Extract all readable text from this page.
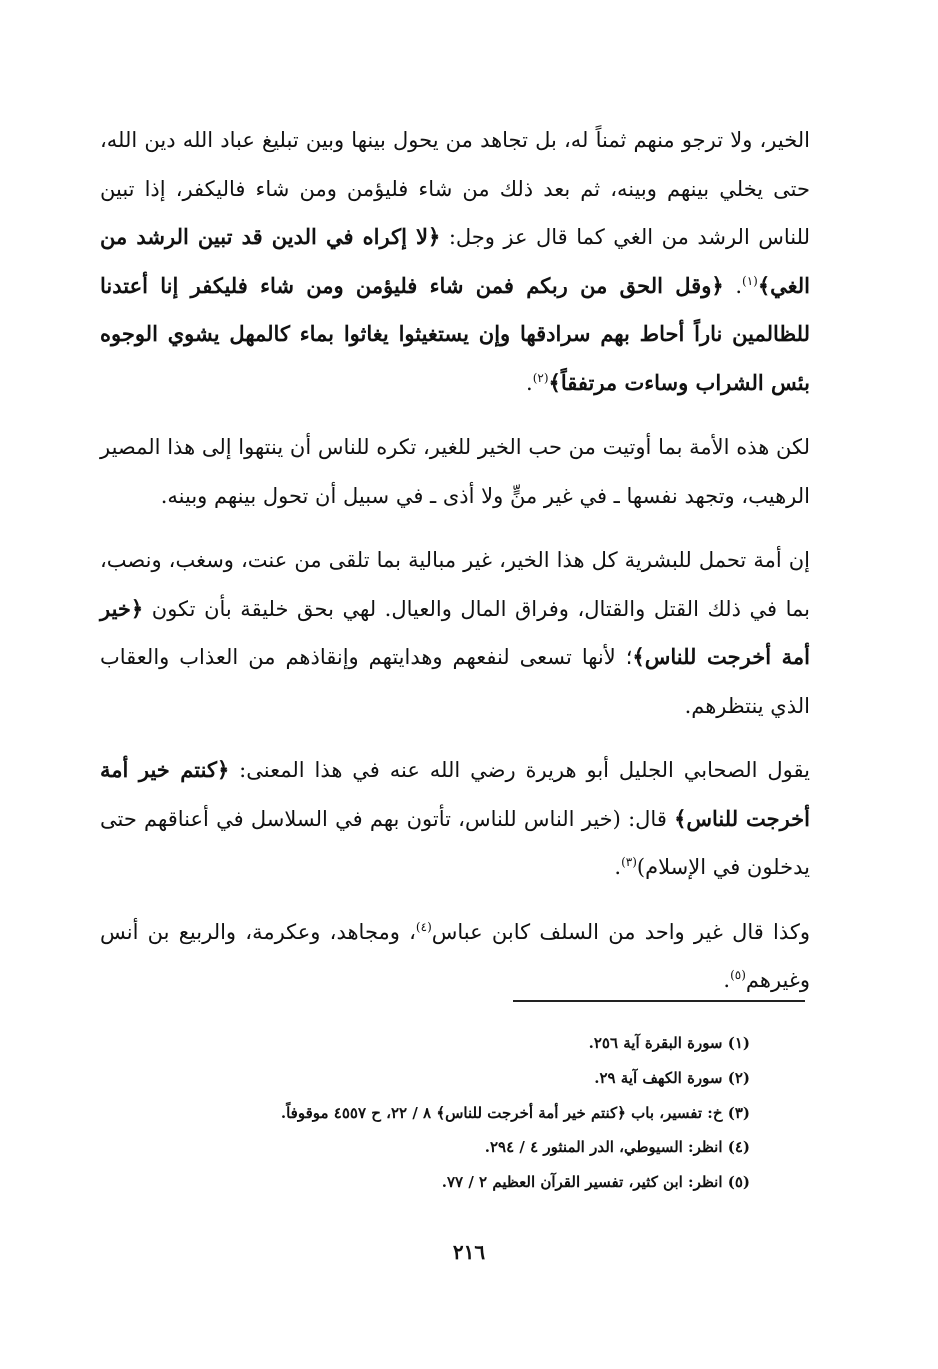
الخير، ولا ترجو منهم ثمناً له، بل تجاهد من يحول بينها وبين تبليغ عباد الله دين الله، حتى يخلي بينهم وبينه، ثم بعد ذلك من شاء فليؤمن ومن شاء فاليكفر، إذا تبين للناس الرشد من الغي كما قال عز وجل: ﴿لا إكراه في الدين قد تبين الرشد من الغي﴾$^{(١)}$. ﴿وقل الحق من ربكم فمن شاء فليؤمن ومن شاء فليكفر إنا أعتدنا للظالمين ناراً أحاط بهم سرادقها وإن يستغيثوا يغاثوا بماء كالمهل يشوي الوجوه بئس الشراب وساءت مرتفقاً﴾$^{(٢)}$.

لكن هذه الأمة بما أوتيت من حب الخير للغير، تكره للناس أن ينتهوا إلى هذا المصير الرهيب، وتجهد نفسها ـ في غير منٍّ ولا أذى ـ في سبيل أن تحول بينهم وبينه.

إن أمة تحمل للبشرية كل هذا الخير، غير مبالية بما تلقى من عنت، وسغب، ونصب، بما في ذلك القتل والقتال، وفراق المال والعيال. لهي بحق خليقة بأن تكون ﴿خير أمة أخرجت للناس﴾؛ لأنها تسعى لنفعهم وهدايتهم وإنقاذهم من العذاب والعقاب الذي ينتظرهم.

يقول الصحابي الجليل أبو هريرة رضي الله عنه في هذا المعنى: ﴿كنتم خير أمة أخرجت للناس﴾ قال: (خير الناس للناس، تأتون بهم في السلاسل في أعناقهم حتى يدخلون في الإسلام)$^{(٣)}$.

وكذا قال غير واحد من السلف كابن عباس$^{(٤)}$، ومجاهد، وعكرمة، والربيع بن أنس وغيرهم$^{(٥)}$.

(١) سورة البقرة آية ٢٥٦.
(٢) سورة الكهف آية ٢٩.
(٣) خ: تفسير، باب ﴿كنتم خير أمة أخرجت للناس﴾ ٨ / ٢٢، ح ٤٥٥٧ موقوفاً.
(٤) انظر: السيوطي، الدر المنثور ٤ / ٢٩٤.
(٥) انظر: ابن كثير، تفسير القرآن العظيم ٢ / ٧٧.
٢١٦
